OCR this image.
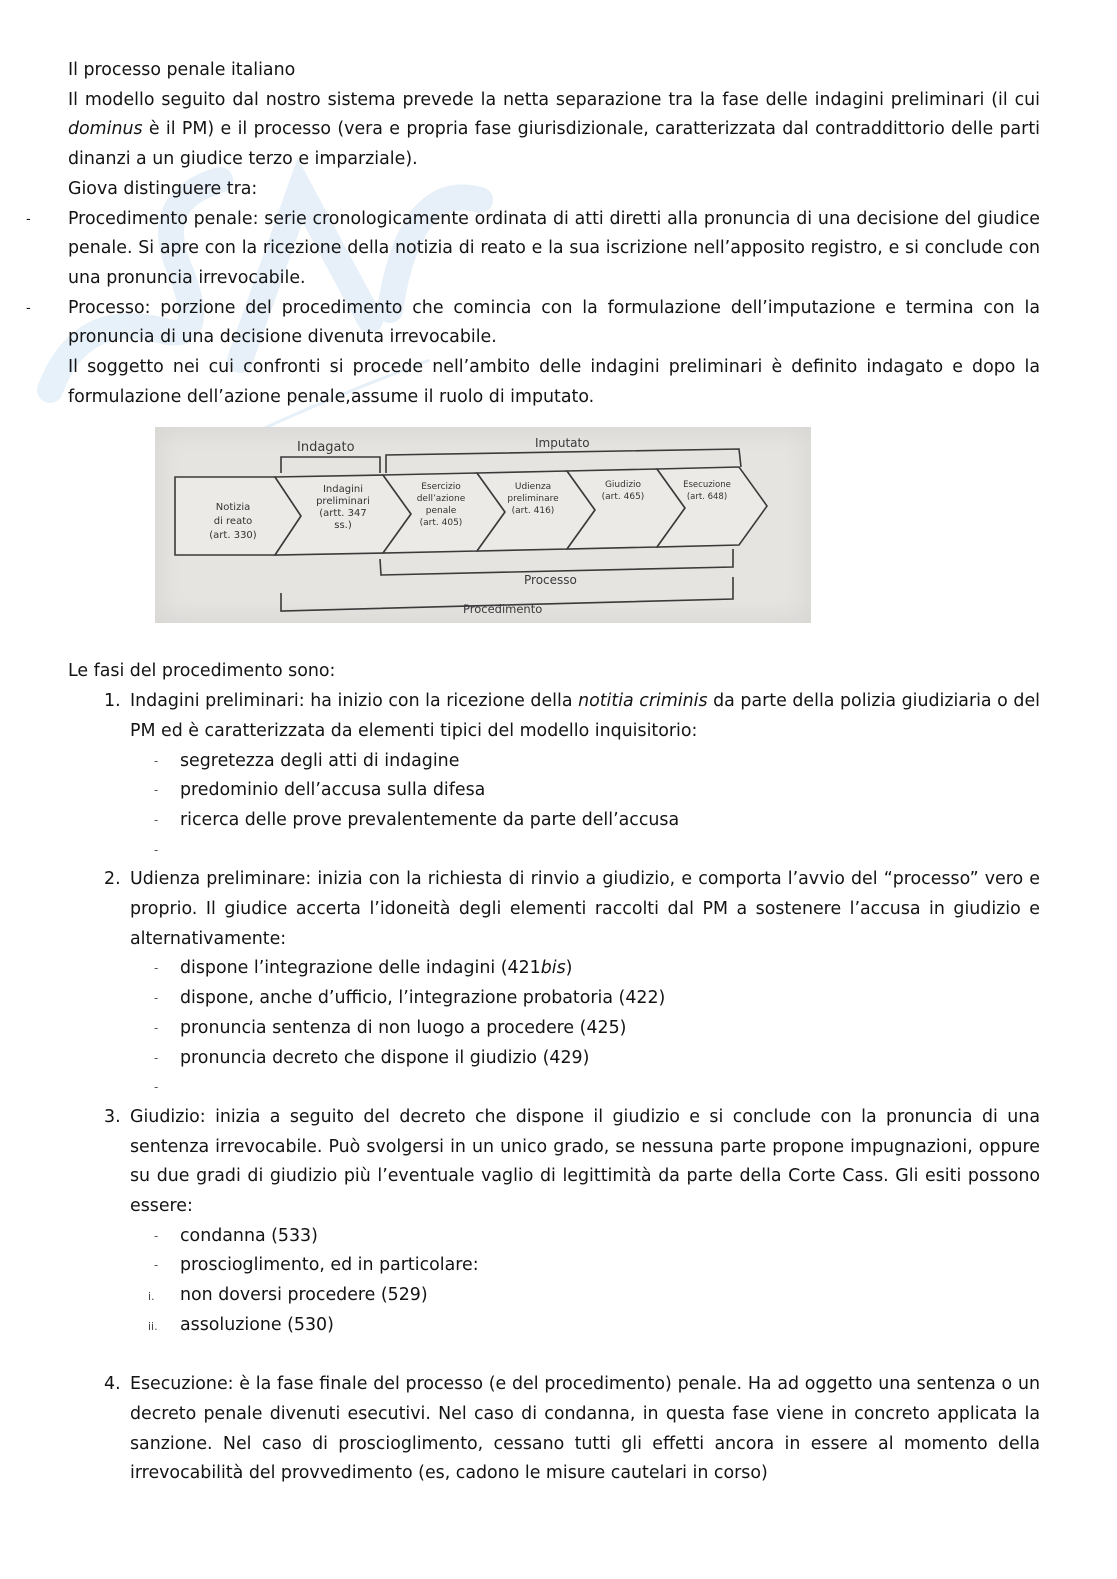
Il processo penale italiano

Il modello seguito dal nostro sistema prevede la netta separazione tra la fase delle indagini preliminari (il cui dominus è il PM) e il processo (vera e propria fase giurisdizionale, caratterizzata dal contraddittorio delle parti dinanzi a un giudice terzo e imparziale).

Giova distinguere tra:

- Procedimento penale: serie cronologicamente ordinata di atti diretti alla pronuncia di una decisione del giudice penale. Si apre con la ricezione della notizia di reato e la sua iscrizione nell’apposito registro, e si conclude con una pronuncia irrevocabile.

- Processo: porzione del procedimento che comincia con la formulazione dell’imputazione e termina con la pronuncia di una decisione divenuta irrevocabile.

Il soggetto nei cui confronti si procede nell’ambito delle indagini preliminari è definito indagato e dopo la formulazione dell’azione penale,assume il ruolo di imputato.

Indagato	Imputato
Notizia di reato (art. 330)
Indagini preliminari (artt. 347 ss.)
Esercizio dell’azione penale (art. 405)
Udienza preliminare (art. 416)
Giudizio (art. 465)
Esecuzione (art. 648)
Processo
Procedimento

Le fasi del procedimento sono:

1. Indagini preliminari: ha inizio con la ricezione della notitia criminis da parte della polizia giudiziaria o del PM ed è caratterizzata da elementi tipici del modello inquisitorio:
- segretezza degli atti di indagine
- predominio dell’accusa sulla difesa
- ricerca delle prove prevalentemente da parte dell’accusa
-
2. Udienza preliminare: inizia con la richiesta di rinvio a giudizio, e comporta l’avvio del “processo” vero e proprio. Il giudice accerta l’idoneità degli elementi raccolti dal PM a sostenere l’accusa in giudizio e alternativamente:
- dispone l’integrazione delle indagini (421bis)
- dispone, anche d’ufficio, l’integrazione probatoria (422)
- pronuncia sentenza di non luogo a procedere (425)
- pronuncia decreto che dispone il giudizio (429)
-
3. Giudizio: inizia a seguito del decreto che dispone il giudizio e si conclude con la pronuncia di una sentenza irrevocabile. Può svolgersi in un unico grado, se nessuna parte propone impugnazioni, oppure su due gradi di giudizio più l’eventuale vaglio di legittimità da parte della Corte Cass. Gli esiti possono essere:
- condanna (533)
- proscioglimento, ed in particolare:
i. non doversi procedere (529)
ii. assoluzione (530)
4. Esecuzione: è la fase finale del processo (e del procedimento) penale. Ha ad oggetto una sentenza o un decreto penale divenuti esecutivi. Nel caso di condanna, in questa fase viene in concreto applicata la sanzione. Nel caso di proscioglimento, cessano tutti gli effetti ancora in essere al momento della irrevocabilità del provvedimento (es, cadono le misure cautelari in corso)
